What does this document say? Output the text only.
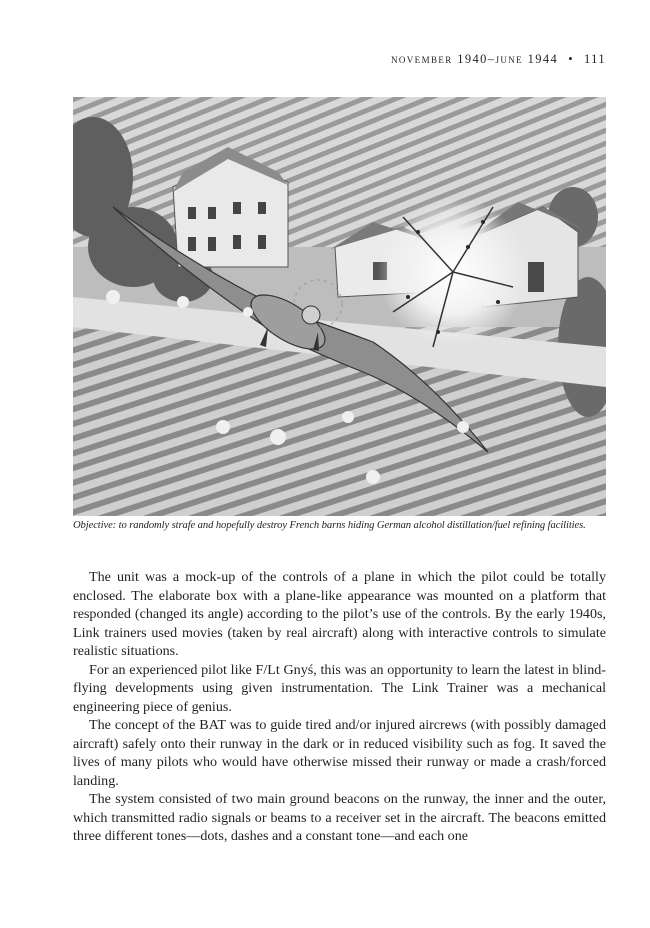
november 1940–june 1944 • 111
Objective: to randomly strafe and hopefully destroy French barns hiding German alcohol distillation/fuel refining facilities.

The unit was a mock-up of the controls of a plane in which the pilot could be totally enclosed. The elaborate box with a plane-like appearance was mounted on a platform that responded (changed its angle) according to the pilot’s use of the controls. By the early 1940s, Link trainers used movies (taken by real aircraft) along with interactive controls to simulate realistic situations.

For an experienced pilot like F/Lt Gnyś, this was an opportunity to learn the latest in blind-flying developments using given instrumentation. The Link Trainer was a mechanical engineering piece of genius.

The concept of the BAT was to guide tired and/or injured aircrews (with possibly damaged aircraft) safely onto their runway in the dark or in reduced visibility such as fog. It saved the lives of many pilots who would have otherwise missed their runway or made a crash/forced landing.

The system consisted of two main ground beacons on the runway, the inner and the outer, which transmitted radio signals or beams to a receiver set in the aircraft. The beacons emitted three different tones—dots, dashes and a constant tone—and each one
